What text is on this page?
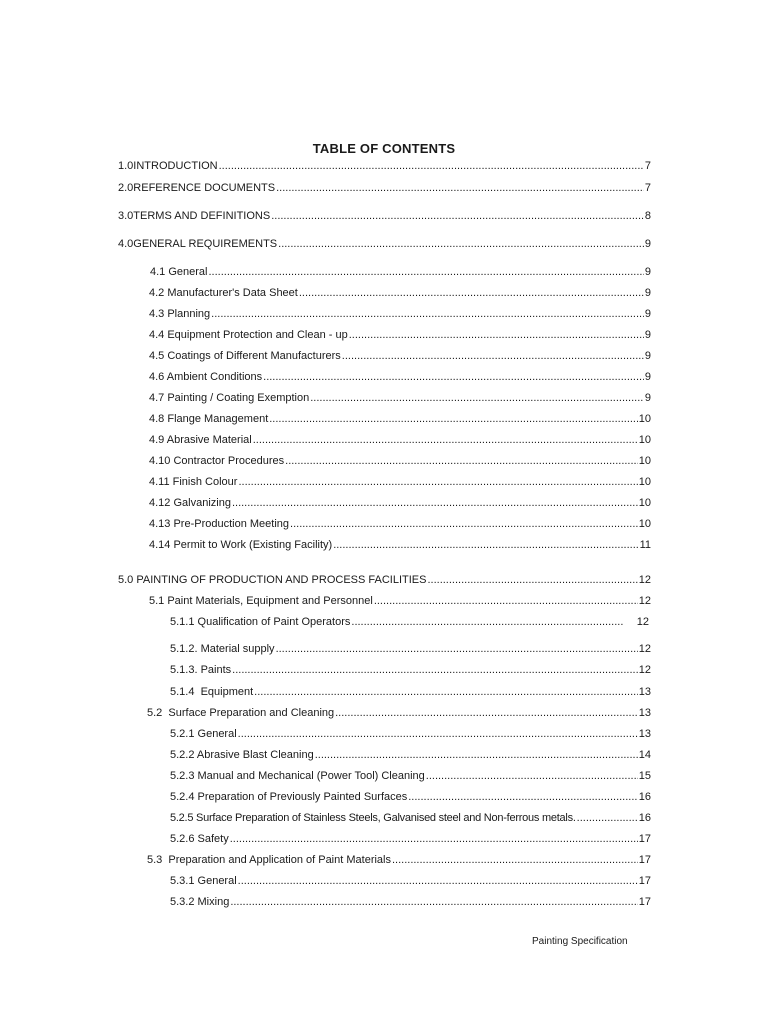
TABLE OF CONTENTS
1.0 INTRODUCTION .....	7
2.0 REFERENCE DOCUMENTS .....	7
3.0 TERMS AND DEFINITIONS .....	8
4.0 GENERAL REQUIREMENTS .....	9
4.1 General .....	9
4.2 Manufacturer's Data Sheet .....	9
4.3 Planning .....	9
4.4 Equipment Protection and Clean - up .....	9
4.5 Coatings of Different Manufacturers .....	9
4.6 Ambient Conditions .....	9
4.7 Painting / Coating Exemption .....	9
4.8 Flange Management .....	10
4.9 Abrasive Material .....	10
4.10 Contractor Procedures .....	10
4.11 Finish Colour .....	10
4.12 Galvanizing .....	10
4.13 Pre-Production Meeting .....	10
4.14 Permit to Work (Existing Facility) .....	11
5.0 PAINTING OF PRODUCTION AND PROCESS FACILITIES .....	12
5.1 Paint Materials, Equipment and Personnel .....	12
5.1.1 Qualification of Paint Operators .....	12
5.1.2. Material supply .....	12
5.1.3. Paints .....	12
5.1.4  Equipment .....	13
5.2  Surface Preparation and Cleaning .....	13
5.2.1 General .....	13
5.2.2 Abrasive Blast Cleaning .....	14
5.2.3 Manual and Mechanical (Power Tool) Cleaning .....	15
5.2.4 Preparation of Previously Painted Surfaces .....	16
5.2.5 Surface Preparation of Stainless Steels, Galvanised steel and Non-ferrous metals. .....	16
5.2.6 Safety .....	17
5.3  Preparation and Application of Paint Materials .....	17
5.3.1 General .....	17
5.3.2 Mixing .....	17
Painting Specification
